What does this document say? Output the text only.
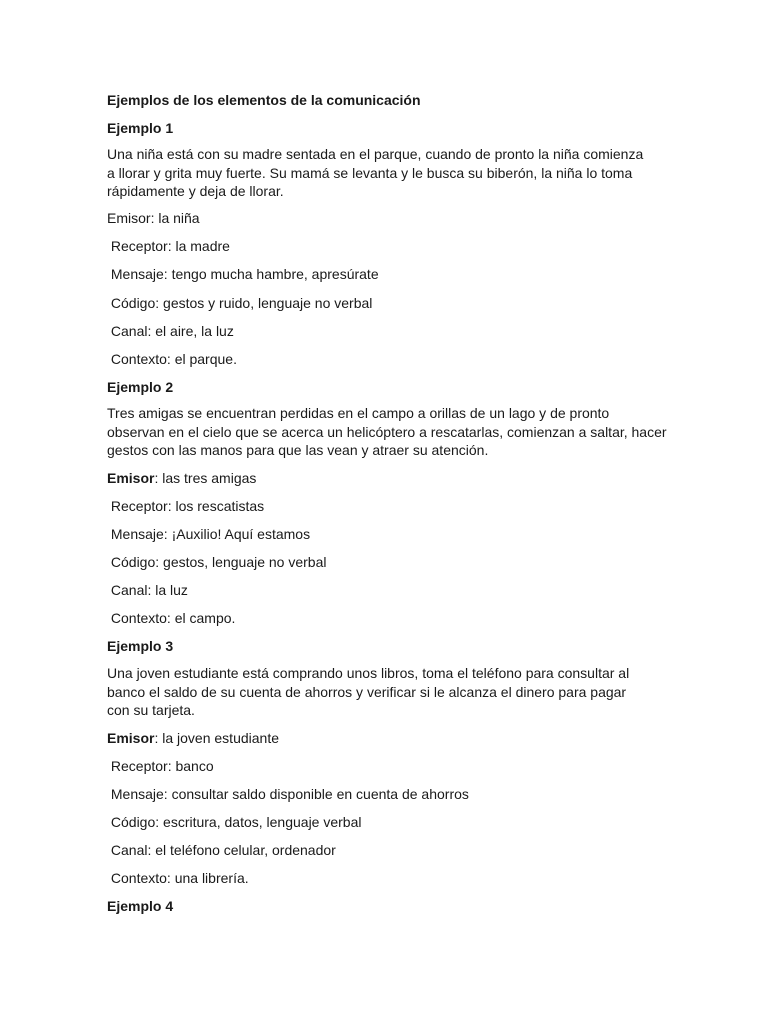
Ejemplos de los elementos de la comunicación

Ejemplo 1

Una niña está con su madre sentada en el parque, cuando de pronto la niña comienza a llorar y grita muy fuerte. Su mamá se levanta y le busca su biberón, la niña lo toma rápidamente y deja de llorar.

Emisor: la niña

Receptor: la madre

Mensaje: tengo mucha hambre, apresúrate

Código: gestos y ruido, lenguaje no verbal

Canal: el aire, la luz

Contexto: el parque.

Ejemplo 2

Tres amigas se encuentran perdidas en el campo a orillas de un lago y de pronto observan en el cielo que se acerca un helicóptero a rescatarlas, comienzan a saltar, hacer gestos con las manos para que las vean y atraer su atención.

Emisor: las tres amigas

Receptor: los rescatistas

Mensaje: ¡Auxilio! Aquí estamos

Código: gestos, lenguaje no verbal

Canal: la luz

Contexto: el campo.

Ejemplo 3

Una joven estudiante está comprando unos libros, toma el teléfono para consultar al banco el saldo de su cuenta de ahorros y verificar si le alcanza el dinero para pagar con su tarjeta.

Emisor: la joven estudiante

Receptor: banco

Mensaje: consultar saldo disponible en cuenta de ahorros

Código: escritura, datos, lenguaje verbal

Canal: el teléfono celular, ordenador

Contexto: una librería.

Ejemplo 4
